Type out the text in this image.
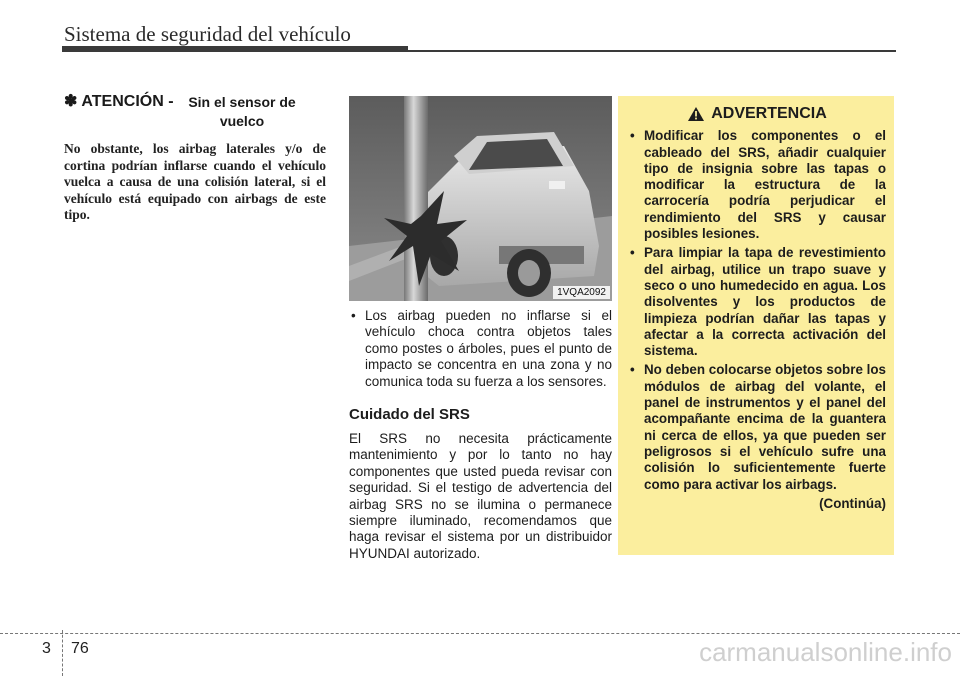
Sistema de seguridad del vehículo
✽ ATENCIÓN -
	Sin el sensor de vuelco
No obstante, los airbag laterales y/o de cortina podrían inflarse cuando el vehículo vuelca a causa de una colisión lateral, si el vehículo está equipado con airbags de este tipo.
1VQA2092
• Los airbag pueden no inflarse si el vehículo choca contra objetos tales como postes o árboles, pues el punto de impacto se concentra en una zona y no comunica toda su fuerza a los sensores.
Cuidado del SRS
El SRS no necesita prácticamente mantenimiento y por lo tanto no hay componentes que usted pueda revisar con seguridad. Si el testigo de advertencia del airbag SRS no se ilumina o permanece siempre iluminado, recomendamos que haga revisar el sistema por un distribuidor HYUNDAI autorizado.
ADVERTENCIA
• Modificar los componentes o el cableado del SRS, añadir cualquier tipo de insignia sobre las tapas o modificar la estructura de la carrocería podría perjudicar el rendimiento del SRS y causar posibles lesiones.
• Para limpiar la tapa de revestimiento del airbag, utilice un trapo suave y seco o uno humedecido en agua. Los disolventes y los productos de limpieza podrían dañar las tapas y afectar a la correcta activación del sistema.
• No deben colocarse objetos sobre los módulos de airbag del volante, el panel de instrumentos y el panel del acompañante encima de la guantera ni cerca de ellos, ya que pueden ser peligrosos si el vehículo sufre una colisión lo suficientemente fuerte como para activar los airbags.
(Continúa)
3 76	carmanualsonline.info
